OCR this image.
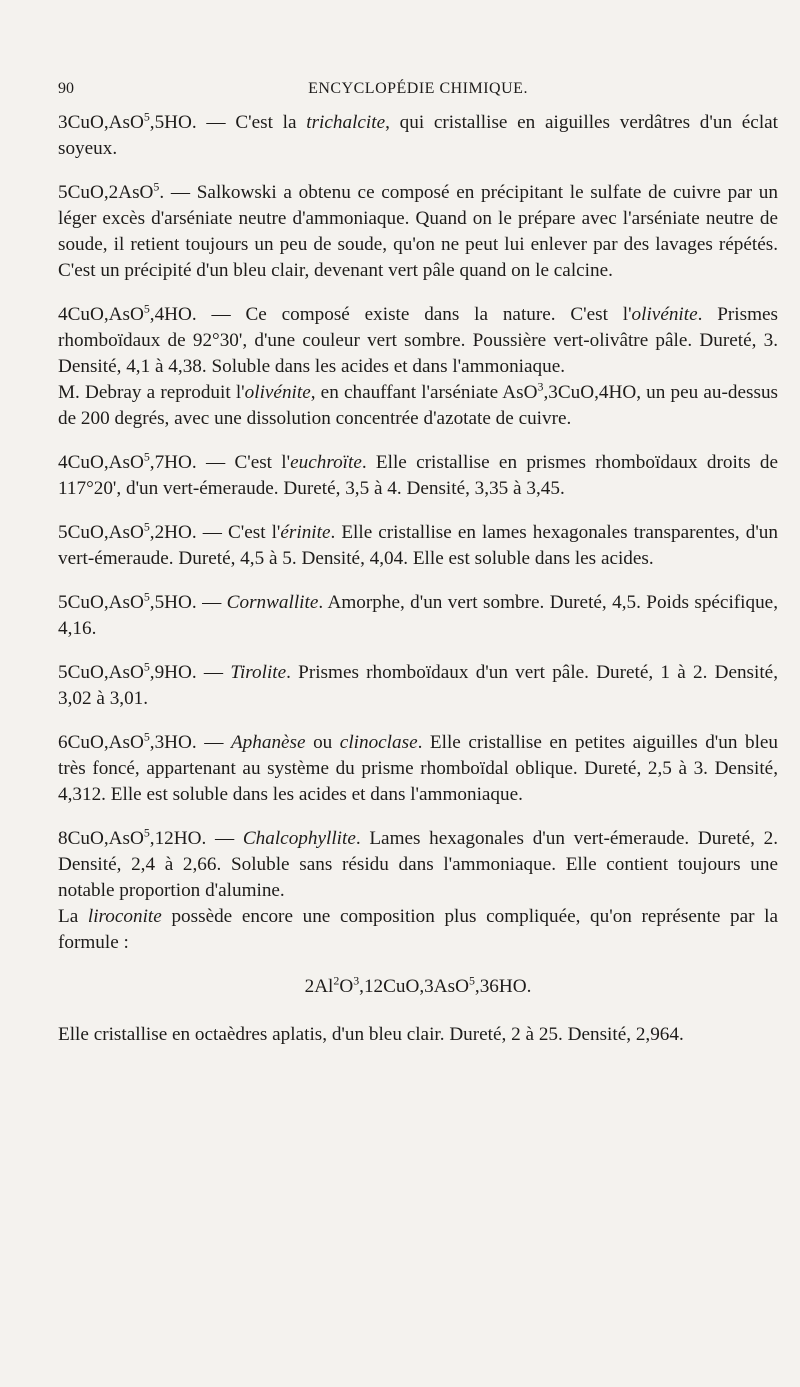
90	ENCYCLOPÉDIE CHIMIQUE.

3CuO,AsO$^5$,5HO. — C'est la trichalcite, qui cristallise en aiguilles verdâtres d'un éclat soyeux.

5CuO,2AsO$^5$. — Salkowski a obtenu ce composé en précipitant le sulfate de cuivre par un léger excès d'arséniate neutre d'ammoniaque. Quand on le prépare avec l'arséniate neutre de soude, il retient toujours un peu de soude, qu'on ne peut lui enlever par des lavages répétés. C'est un précipité d'un bleu clair, devenant vert pâle quand on le calcine.

4CuO,AsO$^5$,4HO. — Ce composé existe dans la nature. C'est l'olivénite. Prismes rhomboïdaux de 92°30', d'une couleur vert sombre. Poussière vert-olivâtre pâle. Dureté, 3. Densité, 4,1 à 4,38. Soluble dans les acides et dans l'ammoniaque.

M. Debray a reproduit l'olivénite, en chauffant l'arséniate AsO$^3$,3CuO,4HO, un peu au-dessus de 200 degrés, avec une dissolution concentrée d'azotate de cuivre.

4CuO,AsO$^5$,7HO. — C'est l'euchroïte. Elle cristallise en prismes rhomboïdaux droits de 117°20', d'un vert-émeraude. Dureté, 3,5 à 4. Densité, 3,35 à 3,45.

5CuO,AsO$^5$,2HO. — C'est l'érinite. Elle cristallise en lames hexagonales transparentes, d'un vert-émeraude. Dureté, 4,5 à 5. Densité, 4,04. Elle est soluble dans les acides.

5CuO,AsO$^5$,5HO. — Cornwallite. Amorphe, d'un vert sombre. Dureté, 4,5. Poids spécifique, 4,16.

5CuO,AsO$^5$,9HO. — Tirolite. Prismes rhomboïdaux d'un vert pâle. Dureté, 1 à 2. Densité, 3,02 à 3,01.

6CuO,AsO$^5$,3HO. — Aphanèse ou clinoclase. Elle cristallise en petites aiguilles d'un bleu très foncé, appartenant au système du prisme rhomboïdal oblique. Dureté, 2,5 à 3. Densité, 4,312. Elle est soluble dans les acides et dans l'ammoniaque.

8CuO,AsO$^5$,12HO. — Chalcophyllite. Lames hexagonales d'un vert-émeraude. Dureté, 2. Densité, 2,4 à 2,66. Soluble sans résidu dans l'ammoniaque. Elle contient toujours une notable proportion d'alumine.

La liroconite possède encore une composition plus compliquée, qu'on représente par la formule :

$2Al^2O^3,12CuO,3AsO^5,36HO$.

Elle cristallise en octaèdres aplatis, d'un bleu clair. Dureté, 2 à 25. Densité, 2,964.
